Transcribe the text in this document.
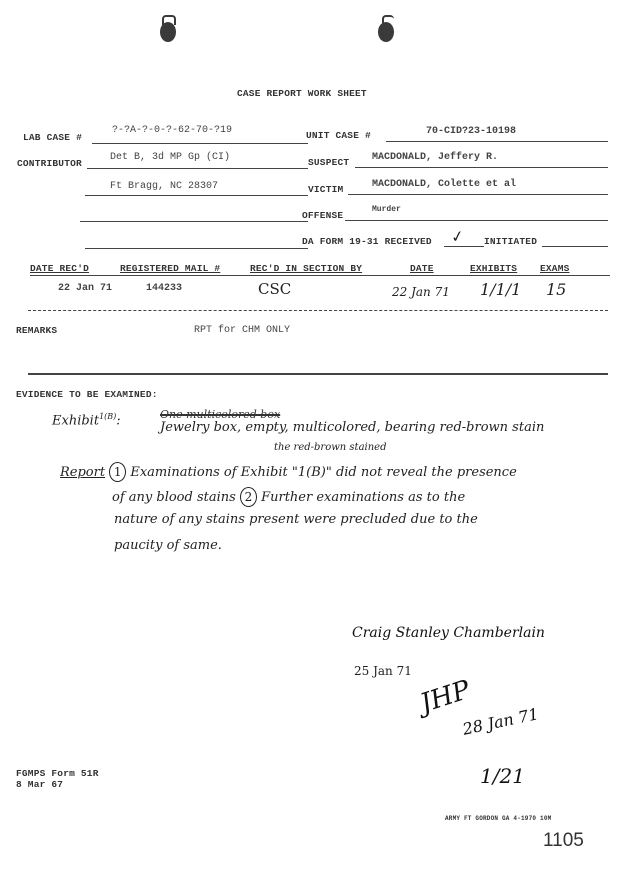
CASE REPORT WORK SHEET
LAB CASE #
?-?A-?-0-?-62-70-?19	UNIT CASE #	70-CID?23-10198
CONTRIBUTOR
Det B, 3d MP Gp (CI)
Ft Bragg, NC 28307
SUSPECT MACDONALD, Jeffery R.
VICTIM	MACDONALD, Colette et al
OFFENSE
Murder
DA FORM 19-31 RECEIVED ✓ INITIATED
DATE REC'D	REGISTERED MAIL #	REC'D IN SECTION BY	DATE	EXHIBITS EXAMS
22 Jan 71	144233	CSC	22 Jan 71 1/1/1 15
REMARKS	RPT for CHM ONLY
EVIDENCE TO BE EXAMINED:
Exhibit$^{1(B)}$:	One multicolored box
Jewelry box, empty, multicolored, bearing red-brown stain
the red-brown stained
Report 1 Examinations of Exhibit "1(B)" did not reveal the presence
of any blood stains 2 Further examinations as to the
nature of any stains present were precluded due to the
paucity of same.
Craig Stanley Chamberlain
25 Jan 71
JHP
28 Jan 71
FGMPS Form 51R
8 Mar 67	1/21
ARMY FT GORDON GA 4-1970 10M
1105
